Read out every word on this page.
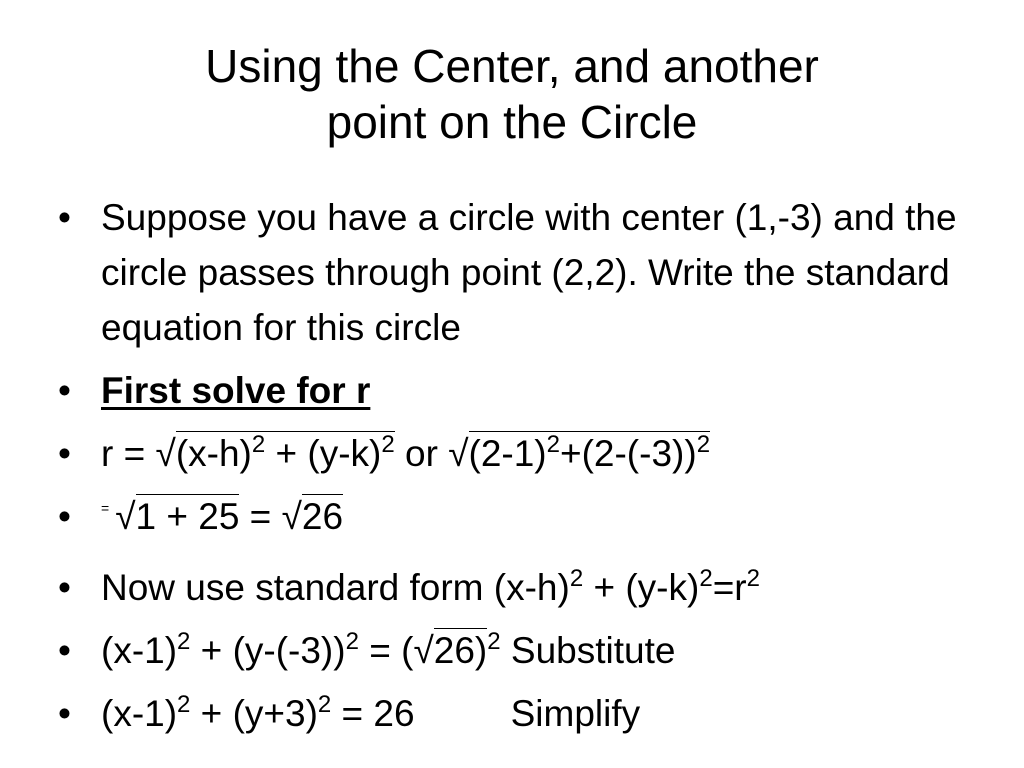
Using the Center, and another
point on the Circle
• Suppose you have a circle with center (1,-3) and the circle passes through point (2,2). Write the standard equation for this circle
• First solve for r
• $r = √(x-h)^2 + (y-k)^2$ or $√(2-1)^2+(2-(-3))^2$
• = √1 + 25 = √26
• Now use standard form $(x-h)^2 + (y-k)^2=r^2$
• $(x-1)^2 + (y-(-3))^2 = (√26)^2$ Substitute
• $(x-1)^2 + (y+3)^2 = 26$	Simplify
